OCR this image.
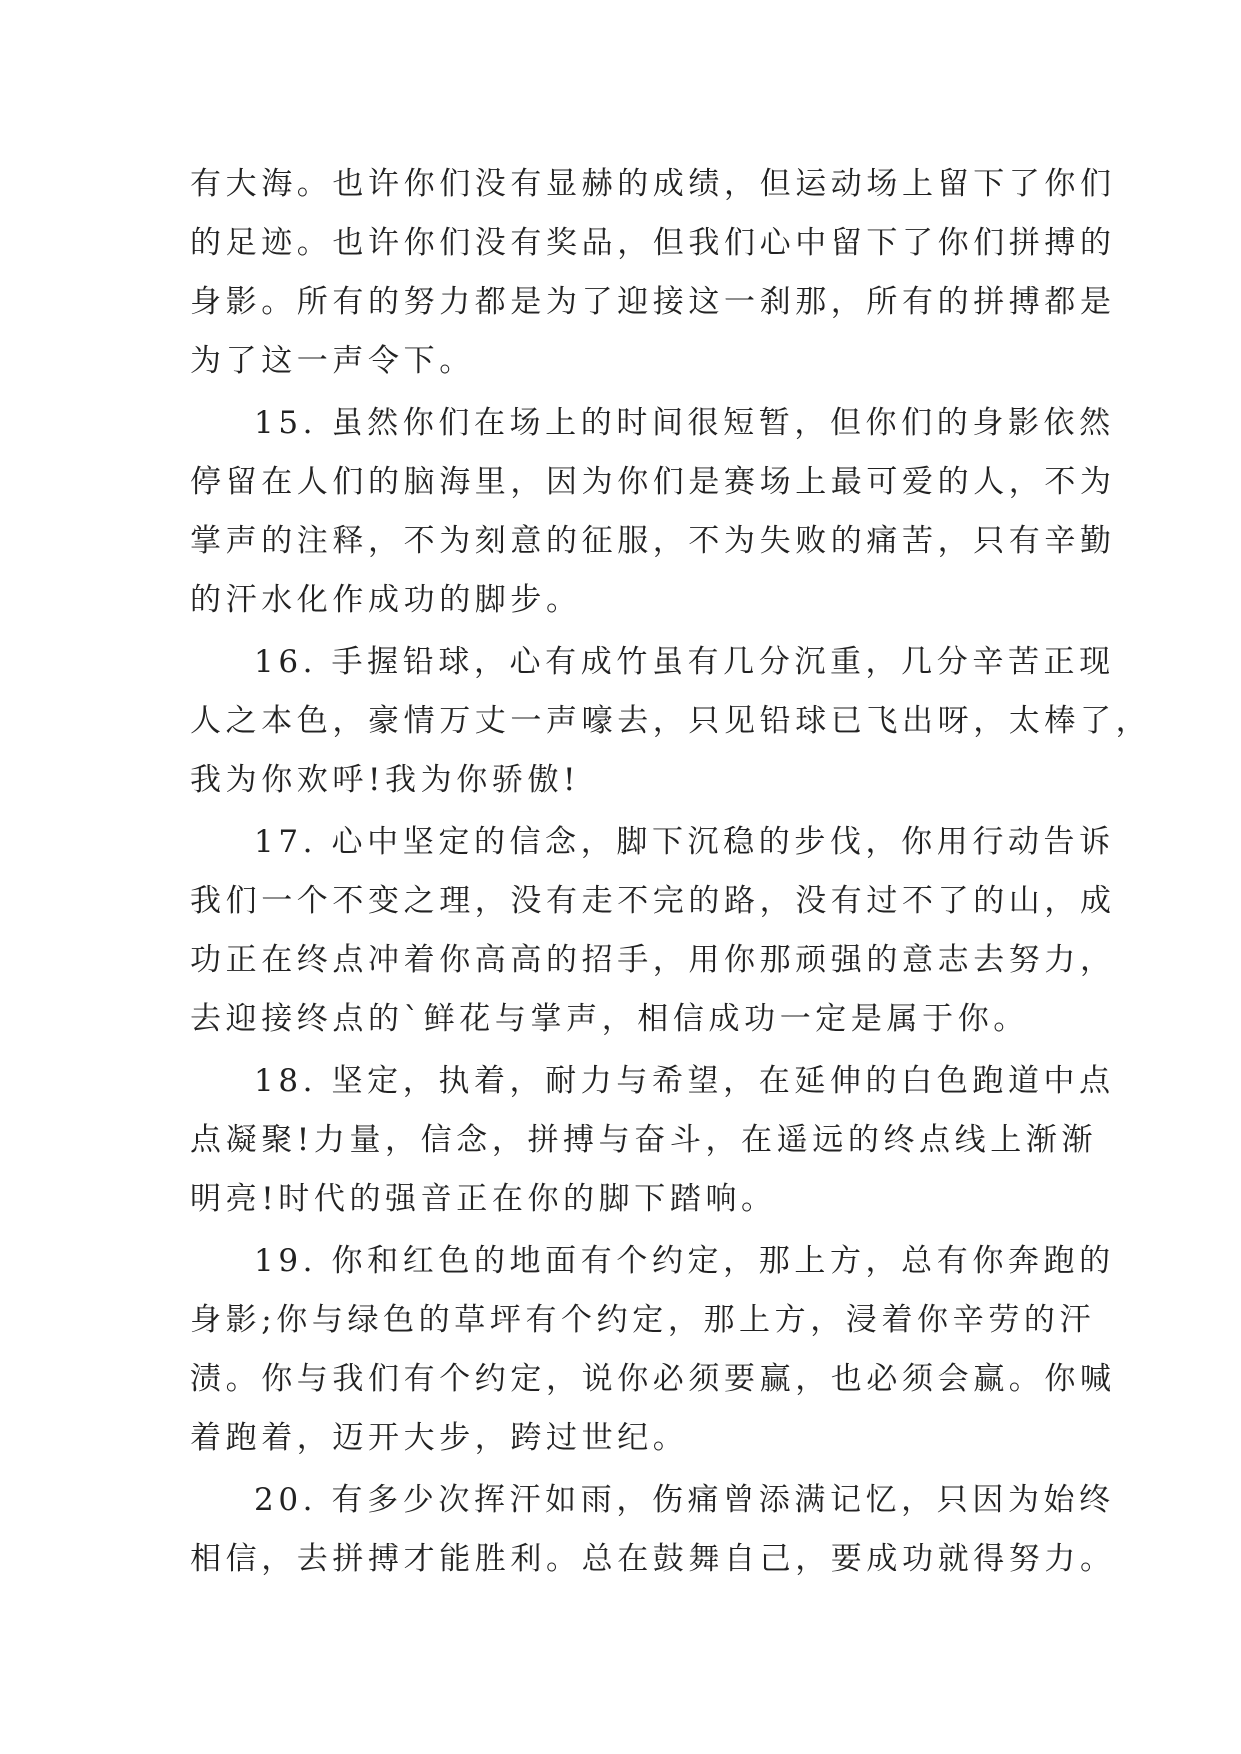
有大海。也许你们没有显赫的成绩，但运动场上留下了你们
的足迹。也许你们没有奖品，但我们心中留下了你们拼搏的
身影。所有的努力都是为了迎接这一刹那，所有的拼搏都是
为了这一声令下。
15. 虽然你们在场上的时间很短暂，但你们的身影依然
停留在人们的脑海里，因为你们是赛场上最可爱的人，不为
掌声的注释，不为刻意的征服，不为失败的痛苦，只有辛勤
的汗水化作成功的脚步。
16. 手握铅球，心有成竹虽有几分沉重，几分辛苦正现
人之本色，豪情万丈一声嚎去，只见铅球已飞出呀，太棒了，
我为你欢呼!我为你骄傲!
17. 心中坚定的信念，脚下沉稳的步伐，你用行动告诉
我们一个不变之理，没有走不完的路，没有过不了的山，成
功正在终点冲着你高高的招手，用你那顽强的意志去努力，
去迎接终点的`鲜花与掌声，相信成功一定是属于你。
18. 坚定，执着，耐力与希望，在延伸的白色跑道中点
点凝聚!力量，信念，拼搏与奋斗，在遥远的终点线上渐渐
明亮!时代的强音正在你的脚下踏响。
19. 你和红色的地面有个约定，那上方，总有你奔跑的
身影;你与绿色的草坪有个约定，那上方，浸着你辛劳的汗
渍。你与我们有个约定，说你必须要赢，也必须会赢。你喊
着跑着，迈开大步，跨过世纪。
20. 有多少次挥汗如雨，伤痛曾添满记忆，只因为始终
相信，去拼搏才能胜利。总在鼓舞自己，要成功就得努力。
